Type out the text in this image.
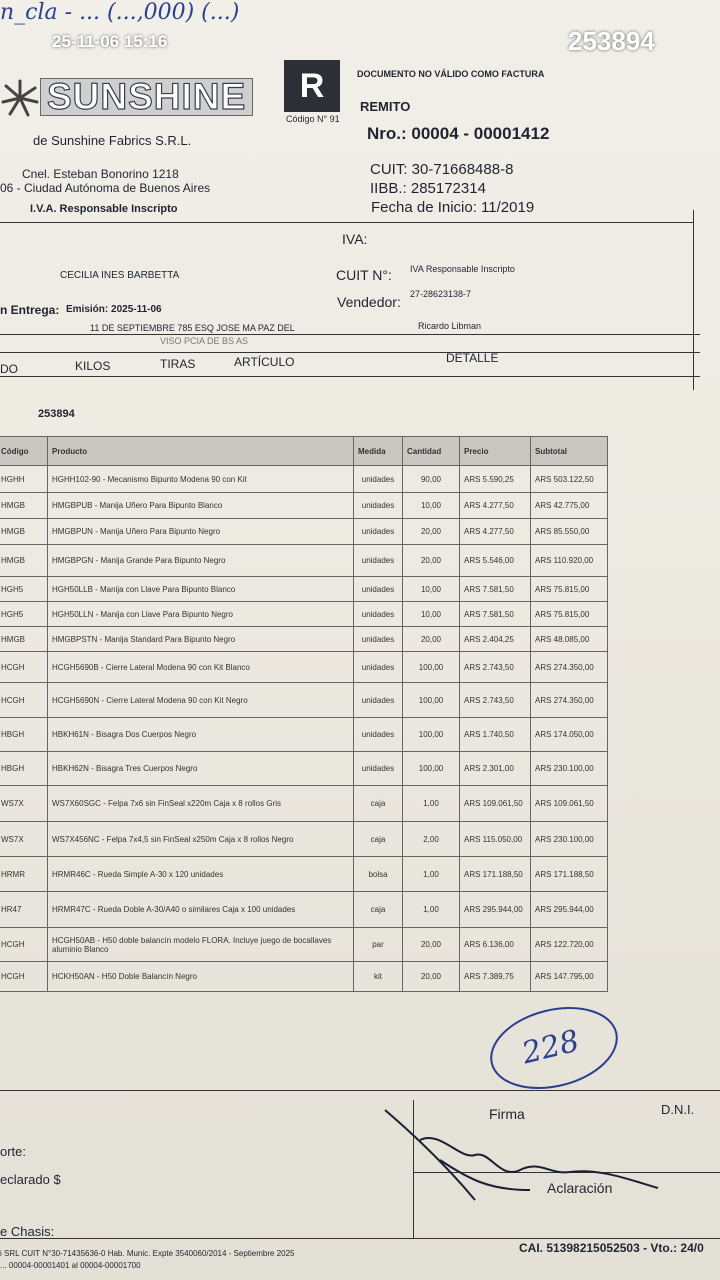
n_cla - ... (...,000) (...)
25-11-06 15:16	253894
SUNSHINE
de Sunshine Fabrics S.R.L.
Cnel. Esteban Bonorino 1218
06 - Ciudad Autónoma de Buenos Aires
I.V.A. Responsable Inscripto
R
Código N° 91
DOCUMENTO NO VÁLIDO COMO FACTURA
REMITO
Nro.: 00004 - 00001412
CUIT: 30-71668488-8
IIBB.: 285172314
Fecha de Inicio: 11/2019
IVA:
CECILIA INES BARBETTA	CUIT N°: IVA Responsable Inscripto
27-28623138-7
n Entrega: Emisión: 2025-11-06	Vendedor:
Ricardo Libman
11 DE SEPTIEMBRE 785 ESQ JOSE MA PAZ DEL
VISO PCIA DE BS AS
DO	KILOS	TIRAS	ARTÍCULO	DETALLE
253894
Código	Producto	Medida	Cantidad	Precio	Subtotal
HGHH	HGHH102-90 - Mecanismo Bipunto Modena 90 con Kit	unidades	90,00	ARS 5.590,25	ARS 503.122,50
HMGB	HMGBPUB - Manija Uñero Para Bipunto Blanco	unidades	10,00	ARS 4.277,50	ARS 42.775,00
HMGB	HMGBPUN - Manija Uñero Para Bipunto Negro	unidades	20,00	ARS 4.277,50	ARS 85.550,00
HMGB	HMGBPGN - Manija Grande Para Bipunto Negro	unidades	20,00	ARS 5.546,00	ARS 110.920,00
HGH5	HGH50LLB - Manija con Llave Para Bipunto Blanco	unidades	10,00	ARS 7.581,50	ARS 75.815,00
HGH5	HGH50LLN - Manija con Llave Para Bipunto Negro	unidades	10,00	ARS 7.581,50	ARS 75.815,00
HMGB	HMGBPSTN - Manija Standard Para Bipunto Negro	unidades	20,00	ARS 2.404,25	ARS 48.085,00
HCGH	HCGH5690B - Cierre Lateral Modena 90 con Kit Blanco	unidades	100,00	ARS 2.743,50	ARS 274.350,00
HCGH	HCGH5690N - Cierre Lateral Modena 90 con Kit Negro	unidades	100,00	ARS 2.743,50	ARS 274.350,00
HBGH	HBKH61N - Bisagra Dos Cuerpos Negro	unidades	100,00	ARS 1.740,50	ARS 174.050,00
HBGH	HBKH62N - Bisagra Tres Cuerpos Negro	unidades	100,00	ARS 2.301,00	ARS 230.100,00
WS7X	WS7X60SGC - Felpa 7x6 sin FinSeal x220m Caja x 8 rollos Gris	caja	1,00	ARS 109.061,50	ARS 109.061,50
WS7X	WS7X456NC - Felpa 7x4,5 sin FinSeal x250m Caja x 8 rollos Negro	caja	2,00	ARS 115.050,00	ARS 230.100,00
HRMR	HRMR46C - Rueda Simple A-30 x 120 unidades	bolsa	1,00	ARS 171.188,50	ARS 171.188,50
HR47	HRMR47C - Rueda Doble A-30/A40 o similares Caja x 100 unidades	caja	1,00	ARS 295.944,00	ARS 295.944,00
HCGH	HCGH50AB - H50 doble balancín modelo FLORA. Incluye juego de bocallaves aluminio Blanco	par	20,00	ARS 6.136,00	ARS 122.720,00
HCGH	HCKH50AN - H50 Doble Balancín Negro	kit	20,00	ARS 7.389,75	ARS 147.795,00
228
Firma	D.N.I.
Aclaración
orte:
eclarado $
e Chasis:
CAI. 51398215052503 - Vto.: 24/0
i SRL CUIT N°30-71435636-0 Hab. Munic. Expte 3540060/2014 - Septiembre 2025
... 00004-00001401 al 00004-00001700
